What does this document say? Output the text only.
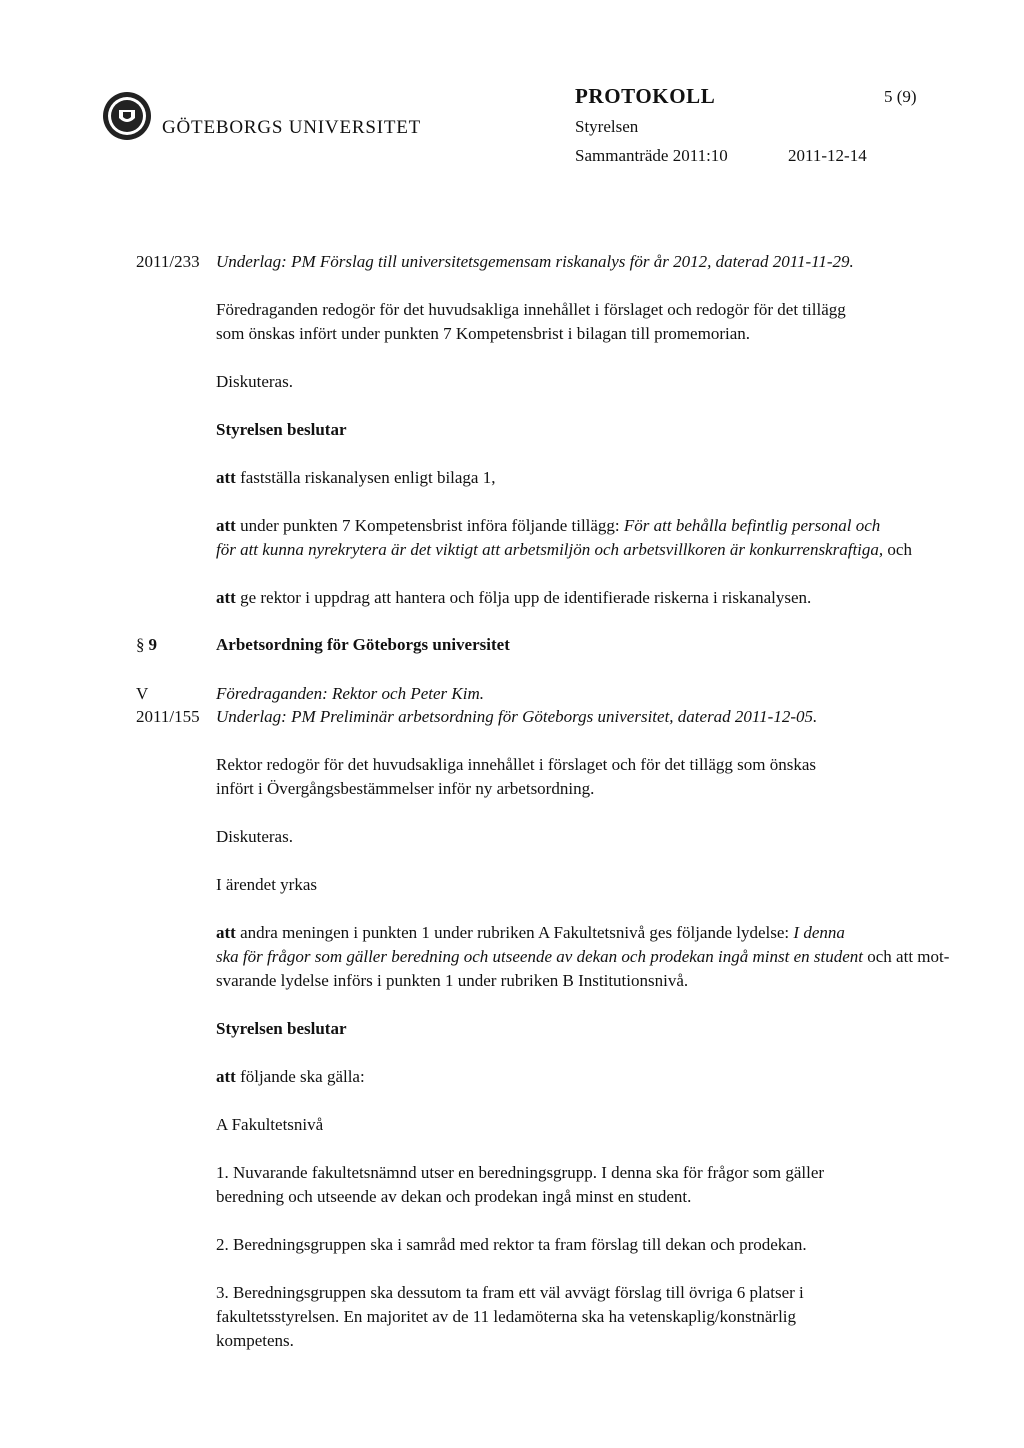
GÖTEBORGS UNIVERSITET
PROTOKOLL	5 (9)
Styrelsen
Sammanträde 2011:10	2011-12-14
2011/233 Underlag: PM Förslag till universitetsgemensam riskanalys för år 2012, daterad 2011-11-29.
Föredraganden redogör för det huvudsakliga innehållet i förslaget och redogör för det tillägg
som önskas infört under punkten 7 Kompetensbrist i bilagan till promemorian.
Diskuteras.
Styrelsen beslutar
att fastställa riskanalysen enligt bilaga 1,
att under punkten 7 Kompetensbrist införa följande tillägg: För att behålla befintlig personal och
för att kunna nyrekrytera är det viktigt att arbetsmiljön och arbetsvillkoren är konkurrenskraftiga, och
att ge rektor i uppdrag att hantera och följa upp de identifierade riskerna i riskanalysen.
§ 9	Arbetsordning för Göteborgs universitet
V	Föredraganden: Rektor och Peter Kim.
2011/155 Underlag: PM Preliminär arbetsordning för Göteborgs universitet, daterad 2011-12-05.
Rektor redogör för det huvudsakliga innehållet i förslaget och för det tillägg som önskas
infört i Övergångsbestämmelser inför ny arbetsordning.
Diskuteras.
I ärendet yrkas
att andra meningen i punkten 1 under rubriken A Fakultetsnivå ges följande lydelse: I denna
ska för frågor som gäller beredning och utseende av dekan och prodekan ingå minst en student och att mot-
svarande lydelse införs i punkten 1 under rubriken B Institutionsnivå.
Styrelsen beslutar
att följande ska gälla:
A Fakultetsnivå
1. Nuvarande fakultetsnämnd utser en beredningsgrupp. I denna ska för frågor som gäller
beredning och utseende av dekan och prodekan ingå minst en student.
2. Beredningsgruppen ska i samråd med rektor ta fram förslag till dekan och prodekan.
3. Beredningsgruppen ska dessutom ta fram ett väl avvägt förslag till övriga 6 platser i
fakultetsstyrelsen. En majoritet av de 11 ledamöterna ska ha vetenskaplig/konstnärlig
kompetens.
